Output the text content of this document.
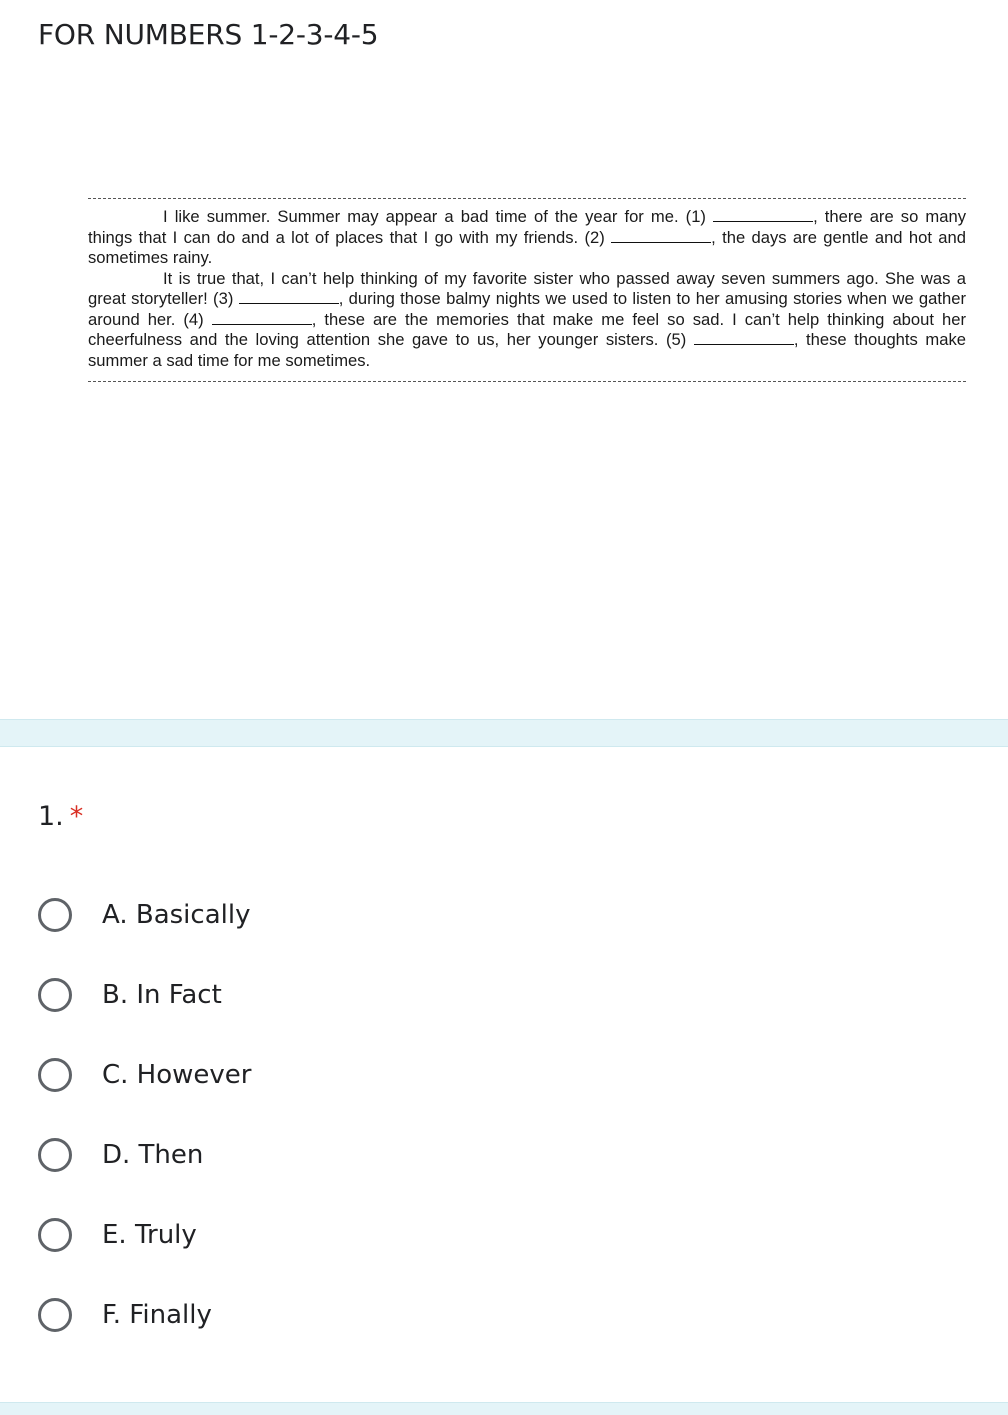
FOR NUMBERS 1-2-3-4-5

I like summer. Summer may appear a bad time of the year for me. (1)	, there are so many things that I can do and a lot of places that I go with my friends. (2)	, the days are gentle and hot and sometimes rainy.

It is true that, I can’t help thinking of my favorite sister who passed away seven summers ago. She was a great storyteller! (3)	, during those balmy nights we used to listen to her amusing stories when we gather around her. (4)	, these are the memories that make me feel so sad. I can’t help thinking about her cheerfulness and the loving attention she gave to us, her younger sisters. (5)	, these thoughts make summer a sad time for me sometimes.

1. *
A. Basically
B. In Fact
C. However
D. Then
E. Truly
F. Finally
